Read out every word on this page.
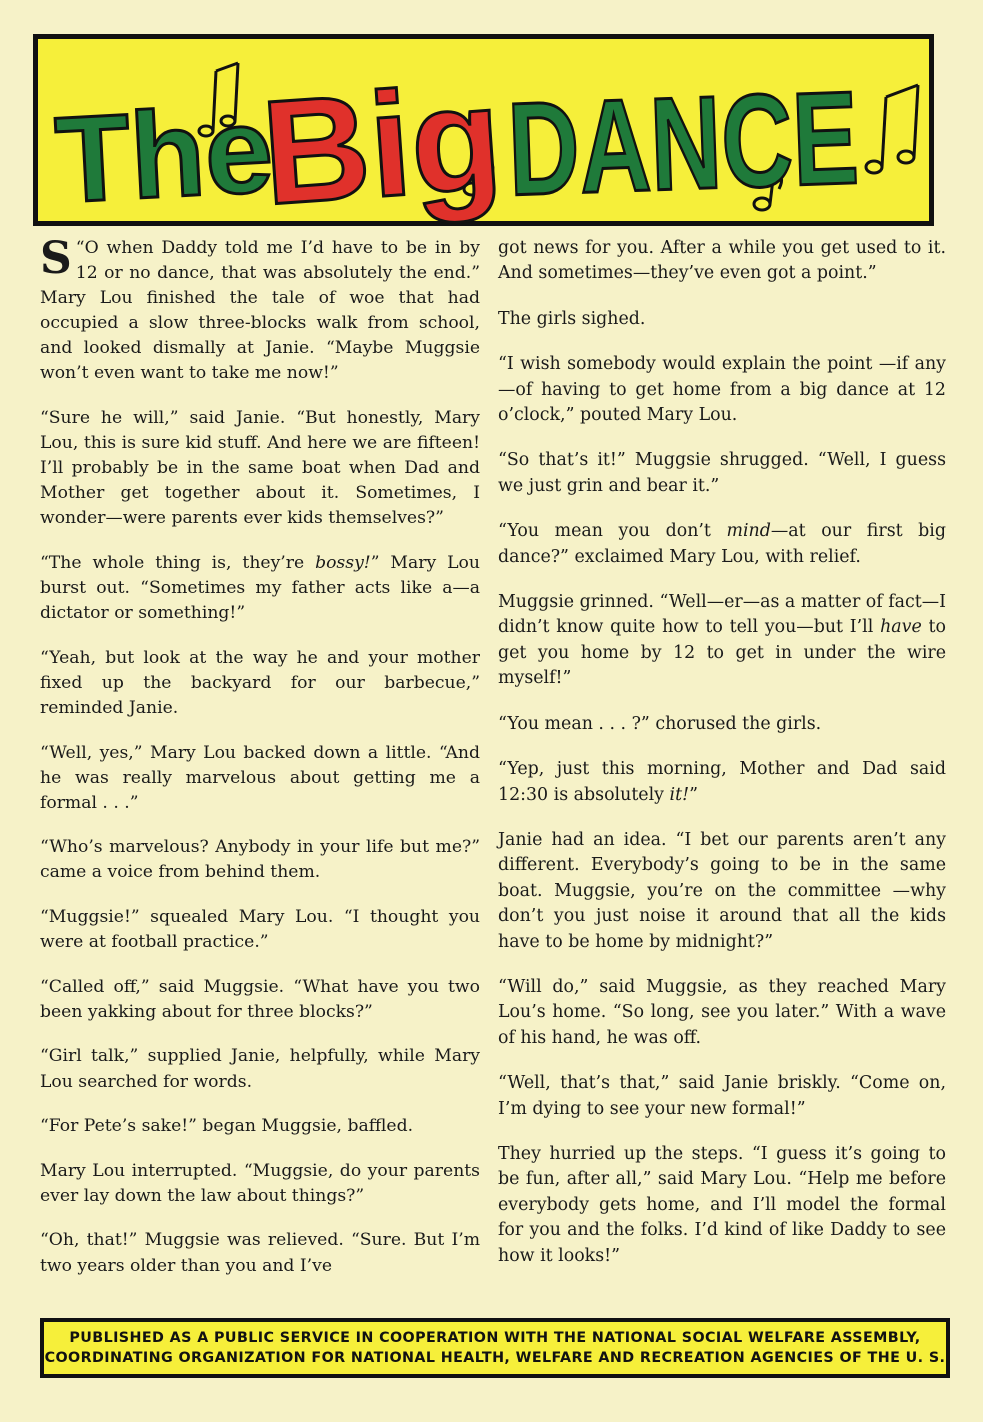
The
Big DANCE

“
S O when Daddy told me I’d have to be in by 12 or no dance, that was absolutely the end.” Mary Lou finished the tale of woe that had occupied a slow three-blocks walk from school, and looked dismally at Janie. “Maybe Muggsie won’t even want to take me now!”

“Sure he will,” said Janie. “But honestly, Mary Lou, this is sure kid stuff. And here we are fifteen! I’ll probably be in the same boat when Dad and Mother get together about it. Sometimes, I wonder—were parents ever kids themselves?”

“The whole thing is, they’re bossy!” Mary Lou burst out. “Sometimes my father acts like a—a dictator or something!”

“Yeah, but look at the way he and your mother fixed up the backyard for our barbecue,” reminded Janie.

“Well, yes,” Mary Lou backed down a little. “And he was really marvelous about getting me a formal . . .”

“Who’s marvelous? Anybody in your life but me?” came a voice from behind them.

“Muggsie!” squealed Mary Lou. “I thought you were at football practice.”

“Called off,” said Muggsie. “What have you two been yakking about for three blocks?”

“Girl talk,” supplied Janie, helpfully, while Mary Lou searched for words.

“For Pete’s sake!” began Muggsie, baffled.

Mary Lou interrupted. “Muggsie, do your parents ever lay down the law about things?”

“Oh, that!” Muggsie was relieved. “Sure. But I’m two years older than you and I’ve

got news for you. After a while you get used to it. And sometimes—they’ve even got a point.”

The girls sighed.

“I wish somebody would explain the point —if any—of having to get home from a big dance at 12 o’clock,” pouted Mary Lou.

“So that’s it!” Muggsie shrugged. “Well, I guess we just grin and bear it.”

“You mean you don’t mind—at our first big dance?” exclaimed Mary Lou, with relief.

Muggsie grinned. “Well—er—as a matter of fact—I didn’t know quite how to tell you—but I’ll have to get you home by 12 to get in under the wire myself!”

“You mean . . . ?” chorused the girls.

“Yep, just this morning, Mother and Dad said 12:30 is absolutely it!”

Janie had an idea. “I bet our parents aren’t any different. Everybody’s going to be in the same boat. Muggsie, you’re on the committee —why don’t you just noise it around that all the kids have to be home by midnight?”

“Will do,” said Muggsie, as they reached Mary Lou’s home. “So long, see you later.” With a wave of his hand, he was off.

“Well, that’s that,” said Janie briskly. “Come on, I’m dying to see your new formal!”

They hurried up the steps. “I guess it’s going to be fun, after all,” said Mary Lou. “Help me before everybody gets home, and I’ll model the formal for you and the folks. I’d kind of like Daddy to see how it looks!”

PUBLISHED AS A PUBLIC SERVICE IN COOPERATION WITH THE NATIONAL SOCIAL WELFARE ASSEMBLY,
COORDINATING ORGANIZATION FOR NATIONAL HEALTH, WELFARE AND RECREATION AGENCIES OF THE U. S.
